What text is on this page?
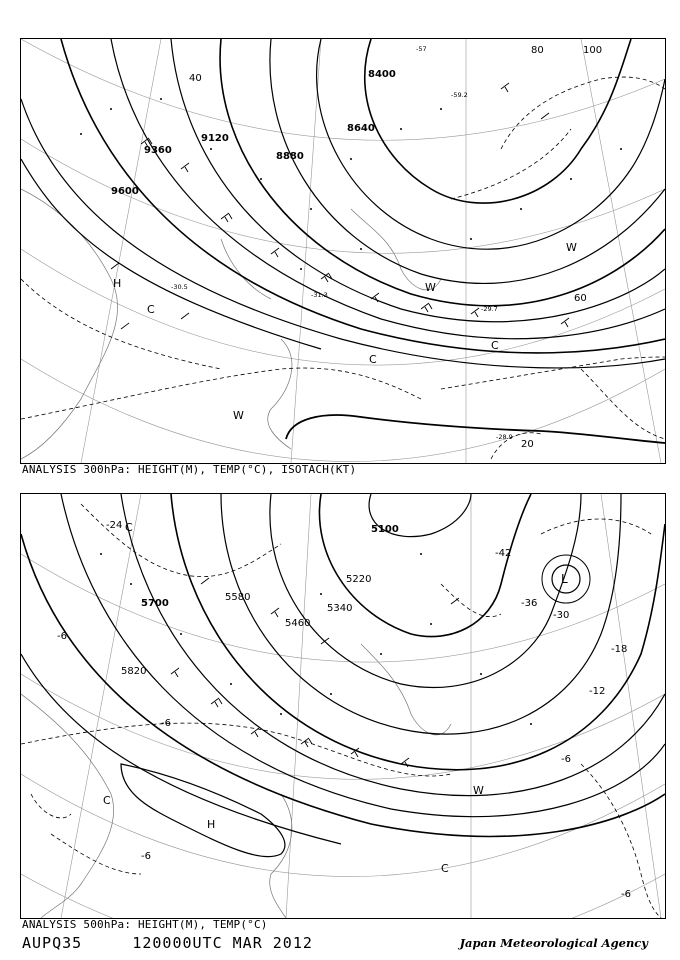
8400
8640
8880
9120
9360
9600
20
40
60
80	100
-29.7
-30.5
-31.3
-28.9
-57
-59.2
H
C
C
C
W
W
W
ANALYSIS 300hPa: HEIGHT(M), TEMP(°C), ISOTACH(KT)
5100
5220
5340
5460
5580
5700
5820
-42
-36
-30
-24
-18
-12
-6
-6
-6
-6
-6
L
H
C
C
C
W
ANALYSIS 500hPa: HEIGHT(M), TEMP(°C)
AUPQ35	120000UTC MAR 2012	Japan Meteorological Agency
